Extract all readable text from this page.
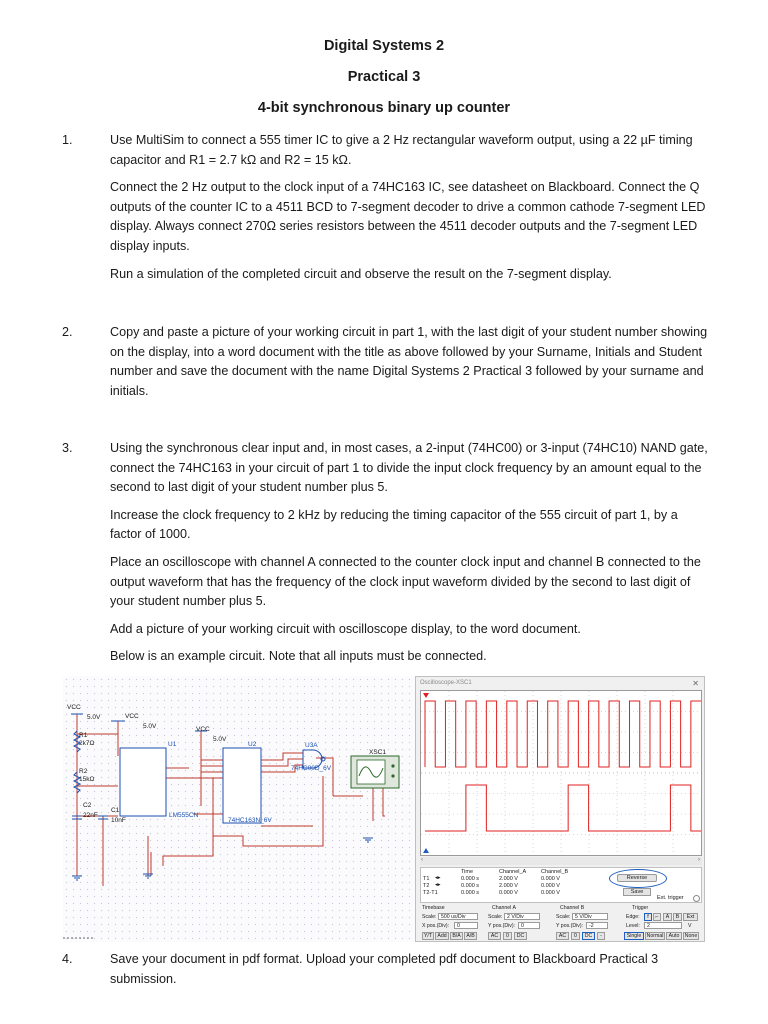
Digital Systems 2
Practical 3
4-bit synchronous binary up counter
1.	Use MultiSim to connect a 555 timer IC to give a 2 Hz rectangular waveform output, using a 22 µF timing capacitor and R1 = 2.7 kΩ and R2 = 15 kΩ.

Connect the 2 Hz output to the clock input of a 74HC163 IC, see datasheet on Blackboard. Connect the Q outputs of the counter IC to a 4511 BCD to 7-segment decoder to drive a common cathode 7-segment LED display. Always connect 270Ω series resistors between the 4511 decoder outputs and the 7-segment LED display inputs.

Run a simulation of the completed circuit and observe the result on the 7-segment display.

2.	Copy and paste a picture of your working circuit in part 1, with the last digit of your student number showing on the display, into a word document with the title as above followed by your Surname, Initials and Student number and save the document with the name Digital Systems 2 Practical 3 followed by your surname and initials.

3.	Using the synchronous clear input and, in most cases, a 2-input (74HC00) or 3-input (74HC10) NAND gate, connect the 74HC163 in your circuit of part 1 to divide the input clock frequency by an amount equal to the second to last digit of your student number plus 5.

Increase the clock frequency to 2 kHz by reducing the timing capacitor of the 555 circuit of part 1, by a factor of 1000.

Place an oscilloscope with channel A connected to the counter clock input and channel B connected to the output waveform that has the frequency of the clock input waveform divided by the second to last digit of your student number plus 5.

Add a picture of your working circuit with oscilloscope display, to the word document.

Below is an example circuit. Note that all inputs must be connected.

VCC
5.0V	VCC
5.0V	VCC
5.0V
R1
2k7Ω
R2
15kΩ
C2
22nF
C1
10nF
U1
LM555CN
U2
74HC163N_6V
U3A
74HC00D_6V
XSC1
Oscilloscope-XSC1	✕
‹	›
Time	Channel_A	Channel_B
T1 ◂▸	0.000 s	2.000 V	0.000 V
T2 ◂▸	0.000 s	2.000 V	0.000 V
T2-T1	0.000 s	0.000 V	0.000 V
Reverse
Save
Ext. trigger
Timebase
Scale: 500 us/Div
X pos.(Div): 0
Y/T	Add	B/A	A/B
Channel A
Scale: 2 V/Div
Y pos.(Div): 0
AC	0	DC
Channel B
Scale: 5 V/Div
Y pos.(Div): -2
AC	0	DC	-
Trigger
Edge:	f	⌐	A	B	Ext
Level: 2	V
Single	Normal	Auto	None
4.	Save your document in pdf format. Upload your completed pdf document to Blackboard Practical 3 submission.
